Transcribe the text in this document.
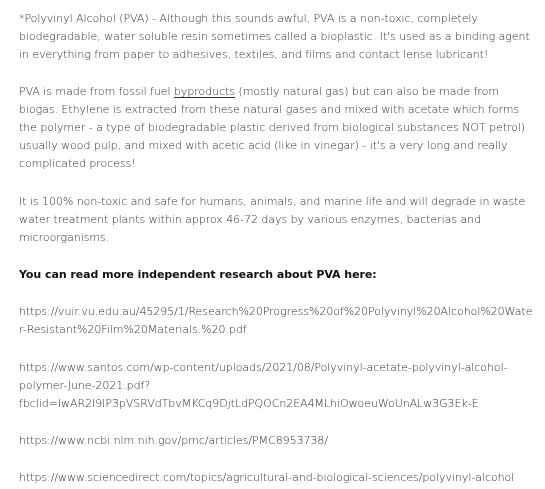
*Polyvinyl Alcohol (PVA) - Although this sounds awful, PVA is a non-toxic, completely biodegradable, water soluble resin sometimes called a bioplastic. It's used as a binding agent in everything from paper to adhesives, textiles, and films and contact lense lubricant!

PVA is made from fossil fuel byproducts (mostly natural gas) but can also be made from biogas. Ethylene is extracted from these natural gases and mixed with acetate which forms the polymer - a type of biodegradable plastic derived from biological substances NOT petrol) usually wood pulp, and mixed with acetic acid (like in vinegar) - it's a very long and really complicated process!

It is 100% non-toxic and safe for humans, animals, and marine life and will degrade in waste water treatment plants within approx 46-72 days by various enzymes, bacterias and microorganisms.

You can read more independent research about PVA here:

https://vuir.vu.edu.au/45295/1/Research%20Progress%20of%20Polyvinyl%20Alcohol%20Water-Resistant%20Film%20Materials.%20.pdf

https://www.santos.com/wp-content/uploads/2021/08/Polyvinyl-acetate-polyvinyl-alcohol-polymer-June-2021.pdf?fbclid=IwAR2I9IP3pVSRVdTbvMKCq9DjtLdPQOCn2EA4MLhiOwoeuWoUnALw3G3Ek-E

https://www.ncbi.nlm.nih.gov/pmc/articles/PMC8953738/

https://www.sciencedirect.com/topics/agricultural-and-biological-sciences/polyvinyl-alcohol
